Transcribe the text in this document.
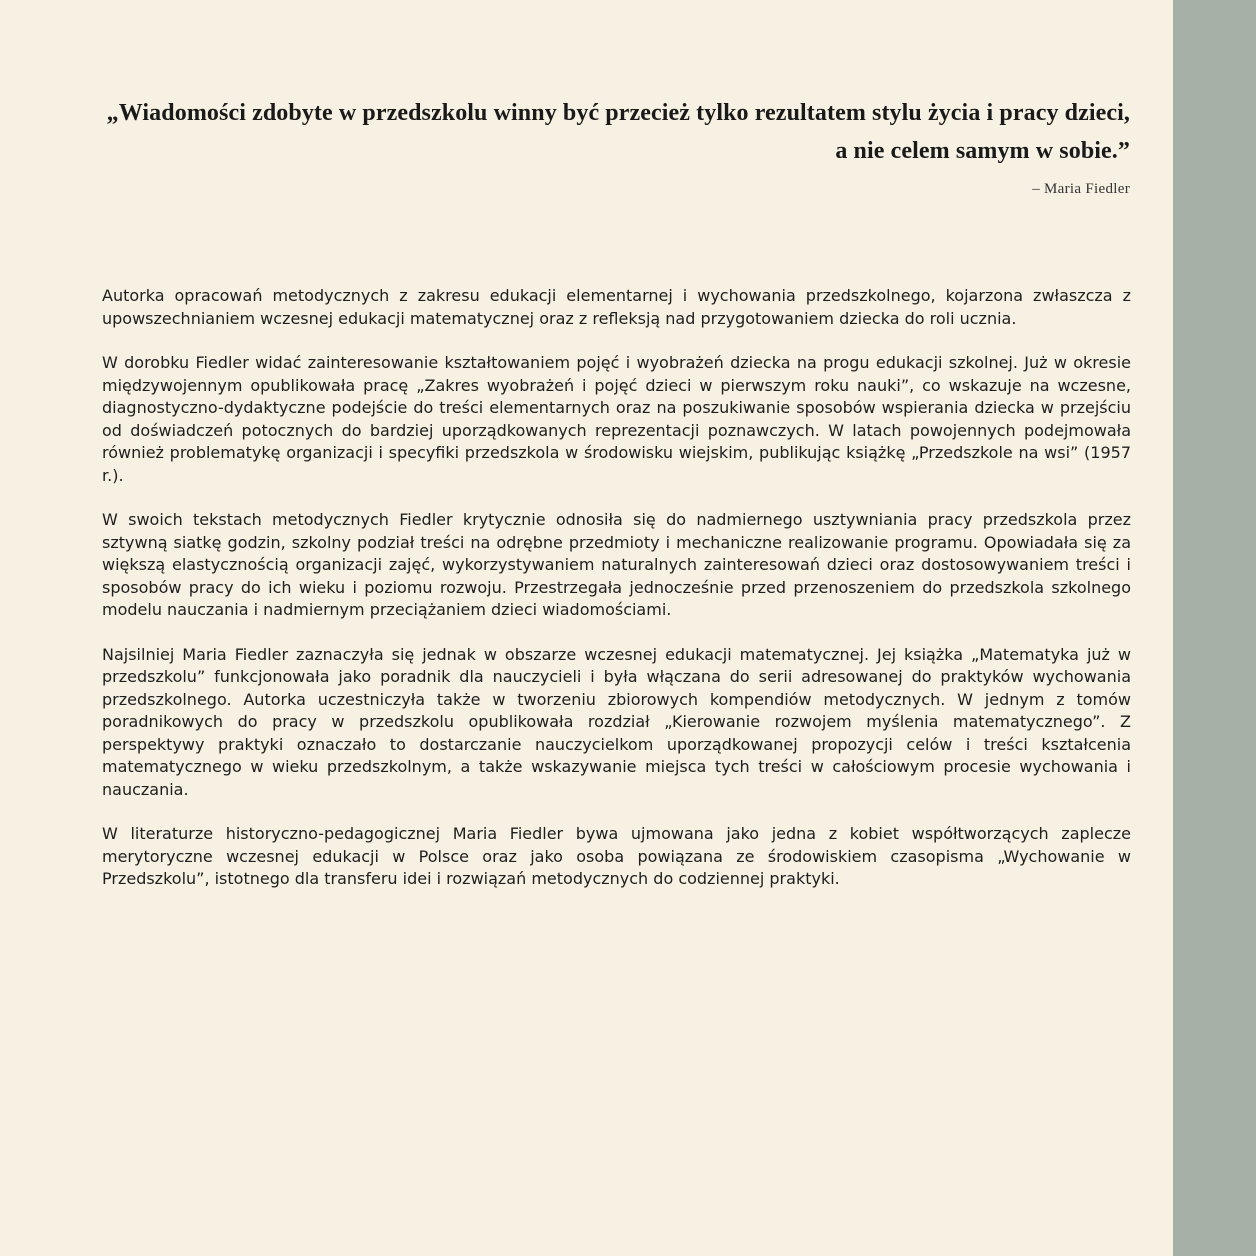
„Wiadomości zdobyte w przedszkolu winny być przecież tylko rezultatem stylu życia i pracy dzieci,
a nie celem samym w sobie.”

– Maria Fiedler

Autorka opracowań metodycznych z zakresu edukacji elementarnej i wychowania przedszkolnego, kojarzona zwłaszcza z upowszechnianiem wczesnej edukacji matematycznej oraz z refleksją nad przygotowaniem dziecka do roli ucznia.

W dorobku Fiedler widać zainteresowanie kształtowaniem pojęć i wyobrażeń dziecka na progu edukacji szkolnej. Już w okresie międzywojennym opublikowała pracę „Zakres wyobrażeń i pojęć dzieci w pierwszym roku nauki”, co wskazuje na wczesne, diagnostyczno-dydaktyczne podejście do treści elementarnych oraz na poszukiwanie sposobów wspierania dziecka w przejściu od doświadczeń potocznych do bardziej uporządkowanych reprezentacji poznawczych. W latach powojennych podejmowała również problematykę organizacji i specyfiki przedszkola w środowisku wiejskim, publikując książkę „Przedszkole na wsi” (1957 r.).

W swoich tekstach metodycznych Fiedler krytycznie odnosiła się do nadmiernego usztywniania pracy przedszkola przez sztywną siatkę godzin, szkolny podział treści na odrębne przedmioty i mechaniczne realizowanie programu. Opowiadała się za większą elastycznością organizacji zajęć, wykorzystywaniem naturalnych zainteresowań dzieci oraz dostosowywaniem treści i sposobów pracy do ich wieku i poziomu rozwoju. Przestrzegała jednocześnie przed przenoszeniem do przedszkola szkolnego modelu nauczania i nadmiernym przeciążaniem dzieci wiadomościami.

Najsilniej Maria Fiedler zaznaczyła się jednak w obszarze wczesnej edukacji matematycznej. Jej książka „Matematyka już w przedszkolu” funkcjonowała jako poradnik dla nauczycieli i była włączana do serii adresowanej do praktyków wychowania przedszkolnego. Autorka uczestniczyła także w tworzeniu zbiorowych kompendiów metodycznych. W jednym z tomów poradnikowych do pracy w przedszkolu opublikowała rozdział „Kierowanie rozwojem myślenia matematycznego”. Z perspektywy praktyki oznaczało to dostarczanie nauczycielkom uporządkowanej propozycji celów i treści kształcenia matematycznego w wieku przedszkolnym, a także wskazywanie miejsca tych treści w całościowym procesie wychowania i nauczania.

W literaturze historyczno-pedagogicznej Maria Fiedler bywa ujmowana jako jedna z kobiet współtworzących zaplecze merytoryczne wczesnej edukacji w Polsce oraz jako osoba powiązana ze środowiskiem czasopisma „Wychowanie w Przedszkolu”, istotnego dla transferu idei i rozwiązań metodycznych do codziennej praktyki.
